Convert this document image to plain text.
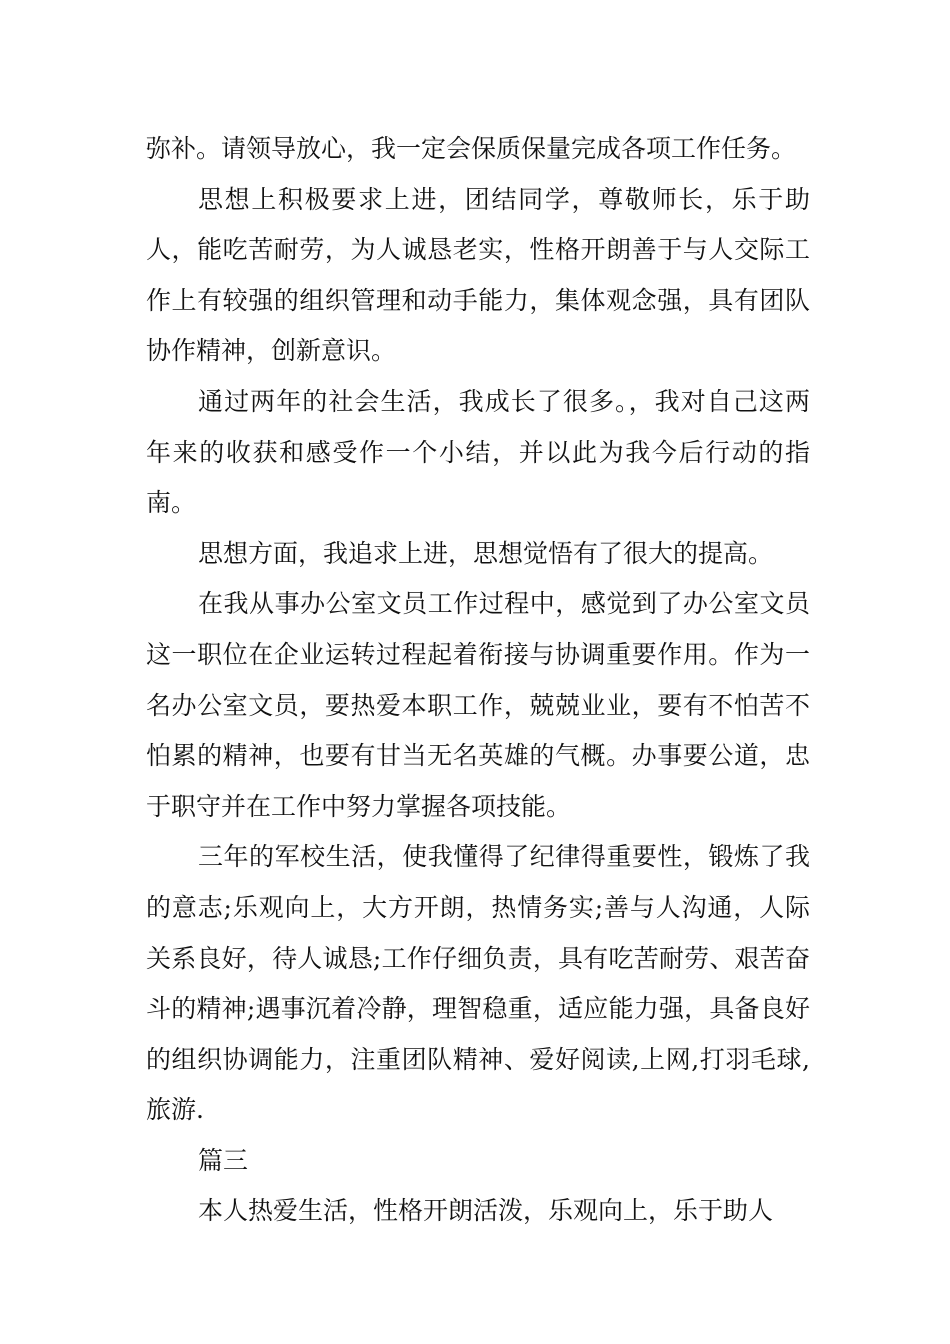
弥补。请领导放心，我一定会保质保量完成各项工作任务。

思想上积极要求上进，团结同学，尊敬师长，乐于助人，能吃苦耐劳，为人诚恳老实，性格开朗善于与人交际工作上有较强的组织管理和动手能力，集体观念强，具有团队协作精神，创新意识。

通过两年的社会生活，我成长了很多。，我对自己这两年来的收获和感受作一个小结，并以此为我今后行动的指南。

思想方面，我追求上进，思想觉悟有了很大的提高。

在我从事办公室文员工作过程中，感觉到了办公室文员这一职位在企业运转过程起着衔接与协调重要作用。作为一名办公室文员，要热爱本职工作，兢兢业业，要有不怕苦不怕累的精神，也要有甘当无名英雄的气概。办事要公道，忠于职守并在工作中努力掌握各项技能。

三年的军校生活，使我懂得了纪律得重要性，锻炼了我的意志;乐观向上，大方开朗，热情务实;善与人沟通，人际关系良好，待人诚恳;工作仔细负责，具有吃苦耐劳、艰苦奋斗的精神;遇事沉着冷静，理智稳重，适应能力强，具备良好的组织协调能力，注重团队精神、爱好阅读,上网,打羽毛球,旅游.

篇三

本人热爱生活，性格开朗活泼，乐观向上，乐于助人
